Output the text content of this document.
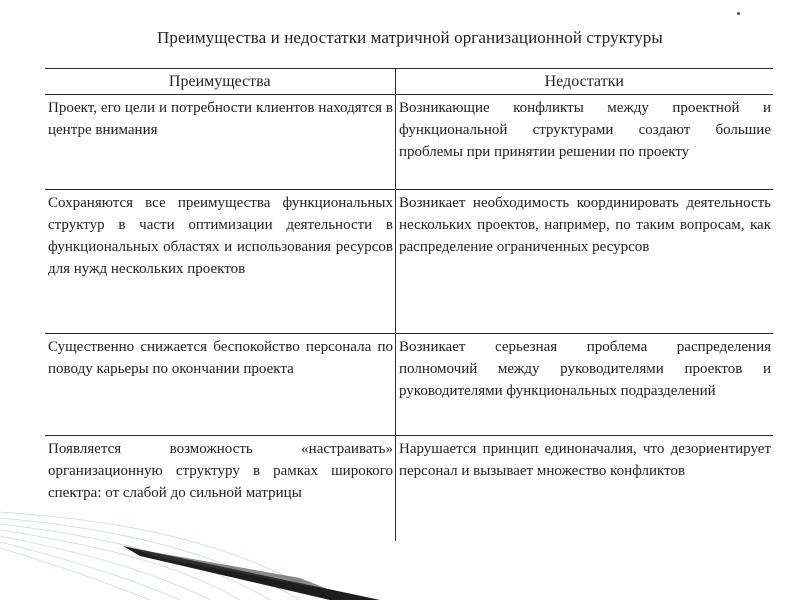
Преимущества и недостатки матричной организационной структуры
Преимущества	Недостатки
Проект, его цели и потребности клиентов находятся в центре внимания
Возникающие конфликты между проектной и функциональной структурами создают большие проблемы при принятии решении по проекту
Сохраняются все преимущества функциональных структур в части оптимизации деятельности в функциональных областях и использования ресурсов для нужд нескольких проектов
Возникает необходимость координировать деятельность нескольких проектов, например, по таким вопросам, как распределение ограниченных ресурсов
Существенно снижается беспокойство персонала по поводу карьеры по окончании проекта
Возникает серьезная проблема распределения полномочий между руководителями проектов и руководителями функциональных подразделений
Появляется возможность «настраивать» организационную структуру в рамках широкого спектра: от слабой до сильной матрицы
Нарушается принцип единоначалия, что дезориентирует персонал и вызывает множество конфликтов
